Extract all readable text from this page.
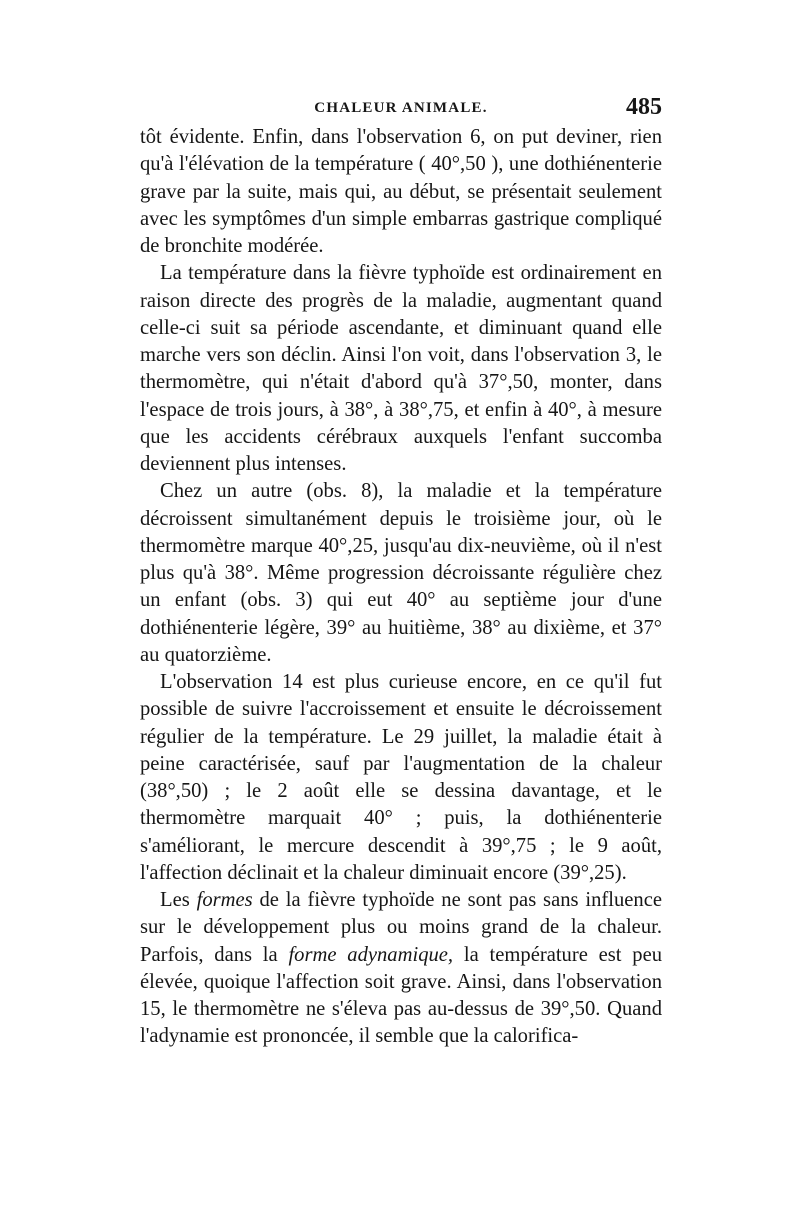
CHALEUR ANIMALE.	485

tôt évidente. Enfin, dans l'observation 6, on put deviner, rien qu'à l'élévation de la température ( 40°,50 ), une dothiénenterie grave par la suite, mais qui, au début, se présentait seulement avec les symptômes d'un simple embarras gastrique compliqué de bronchite modérée.

La température dans la fièvre typhoïde est ordinairement en raison directe des progrès de la maladie, augmentant quand celle-ci suit sa période ascendante, et diminuant quand elle marche vers son déclin. Ainsi l'on voit, dans l'observation 3, le thermomètre, qui n'était d'abord qu'à 37°,50, monter, dans l'espace de trois jours, à 38°, à 38°,75, et enfin à 40°, à mesure que les accidents cérébraux auxquels l'enfant succomba deviennent plus intenses.

Chez un autre (obs. 8), la maladie et la température décroissent simultanément depuis le troisième jour, où le thermomètre marque 40°,25, jusqu'au dix-neuvième, où il n'est plus qu'à 38°. Même progression décroissante régulière chez un enfant (obs. 3) qui eut 40° au septième jour d'une dothiénenterie légère, 39° au huitième, 38° au dixième, et 37° au quatorzième.

L'observation 14 est plus curieuse encore, en ce qu'il fut possible de suivre l'accroissement et ensuite le décroissement régulier de la température. Le 29 juillet, la maladie était à peine caractérisée, sauf par l'augmentation de la chaleur (38°,50) ; le 2 août elle se dessina davantage, et le thermomètre marquait 40° ; puis, la dothiénenterie s'améliorant, le mercure descendit à 39°,75 ; le 9 août, l'affection déclinait et la chaleur diminuait encore (39°,25).

Les formes de la fièvre typhoïde ne sont pas sans influence sur le développement plus ou moins grand de la chaleur. Parfois, dans la forme adynamique, la température est peu élevée, quoique l'affection soit grave. Ainsi, dans l'observation 15, le thermomètre ne s'éleva pas au-dessus de 39°,50. Quand l'adynamie est prononcée, il semble que la calorifica-
